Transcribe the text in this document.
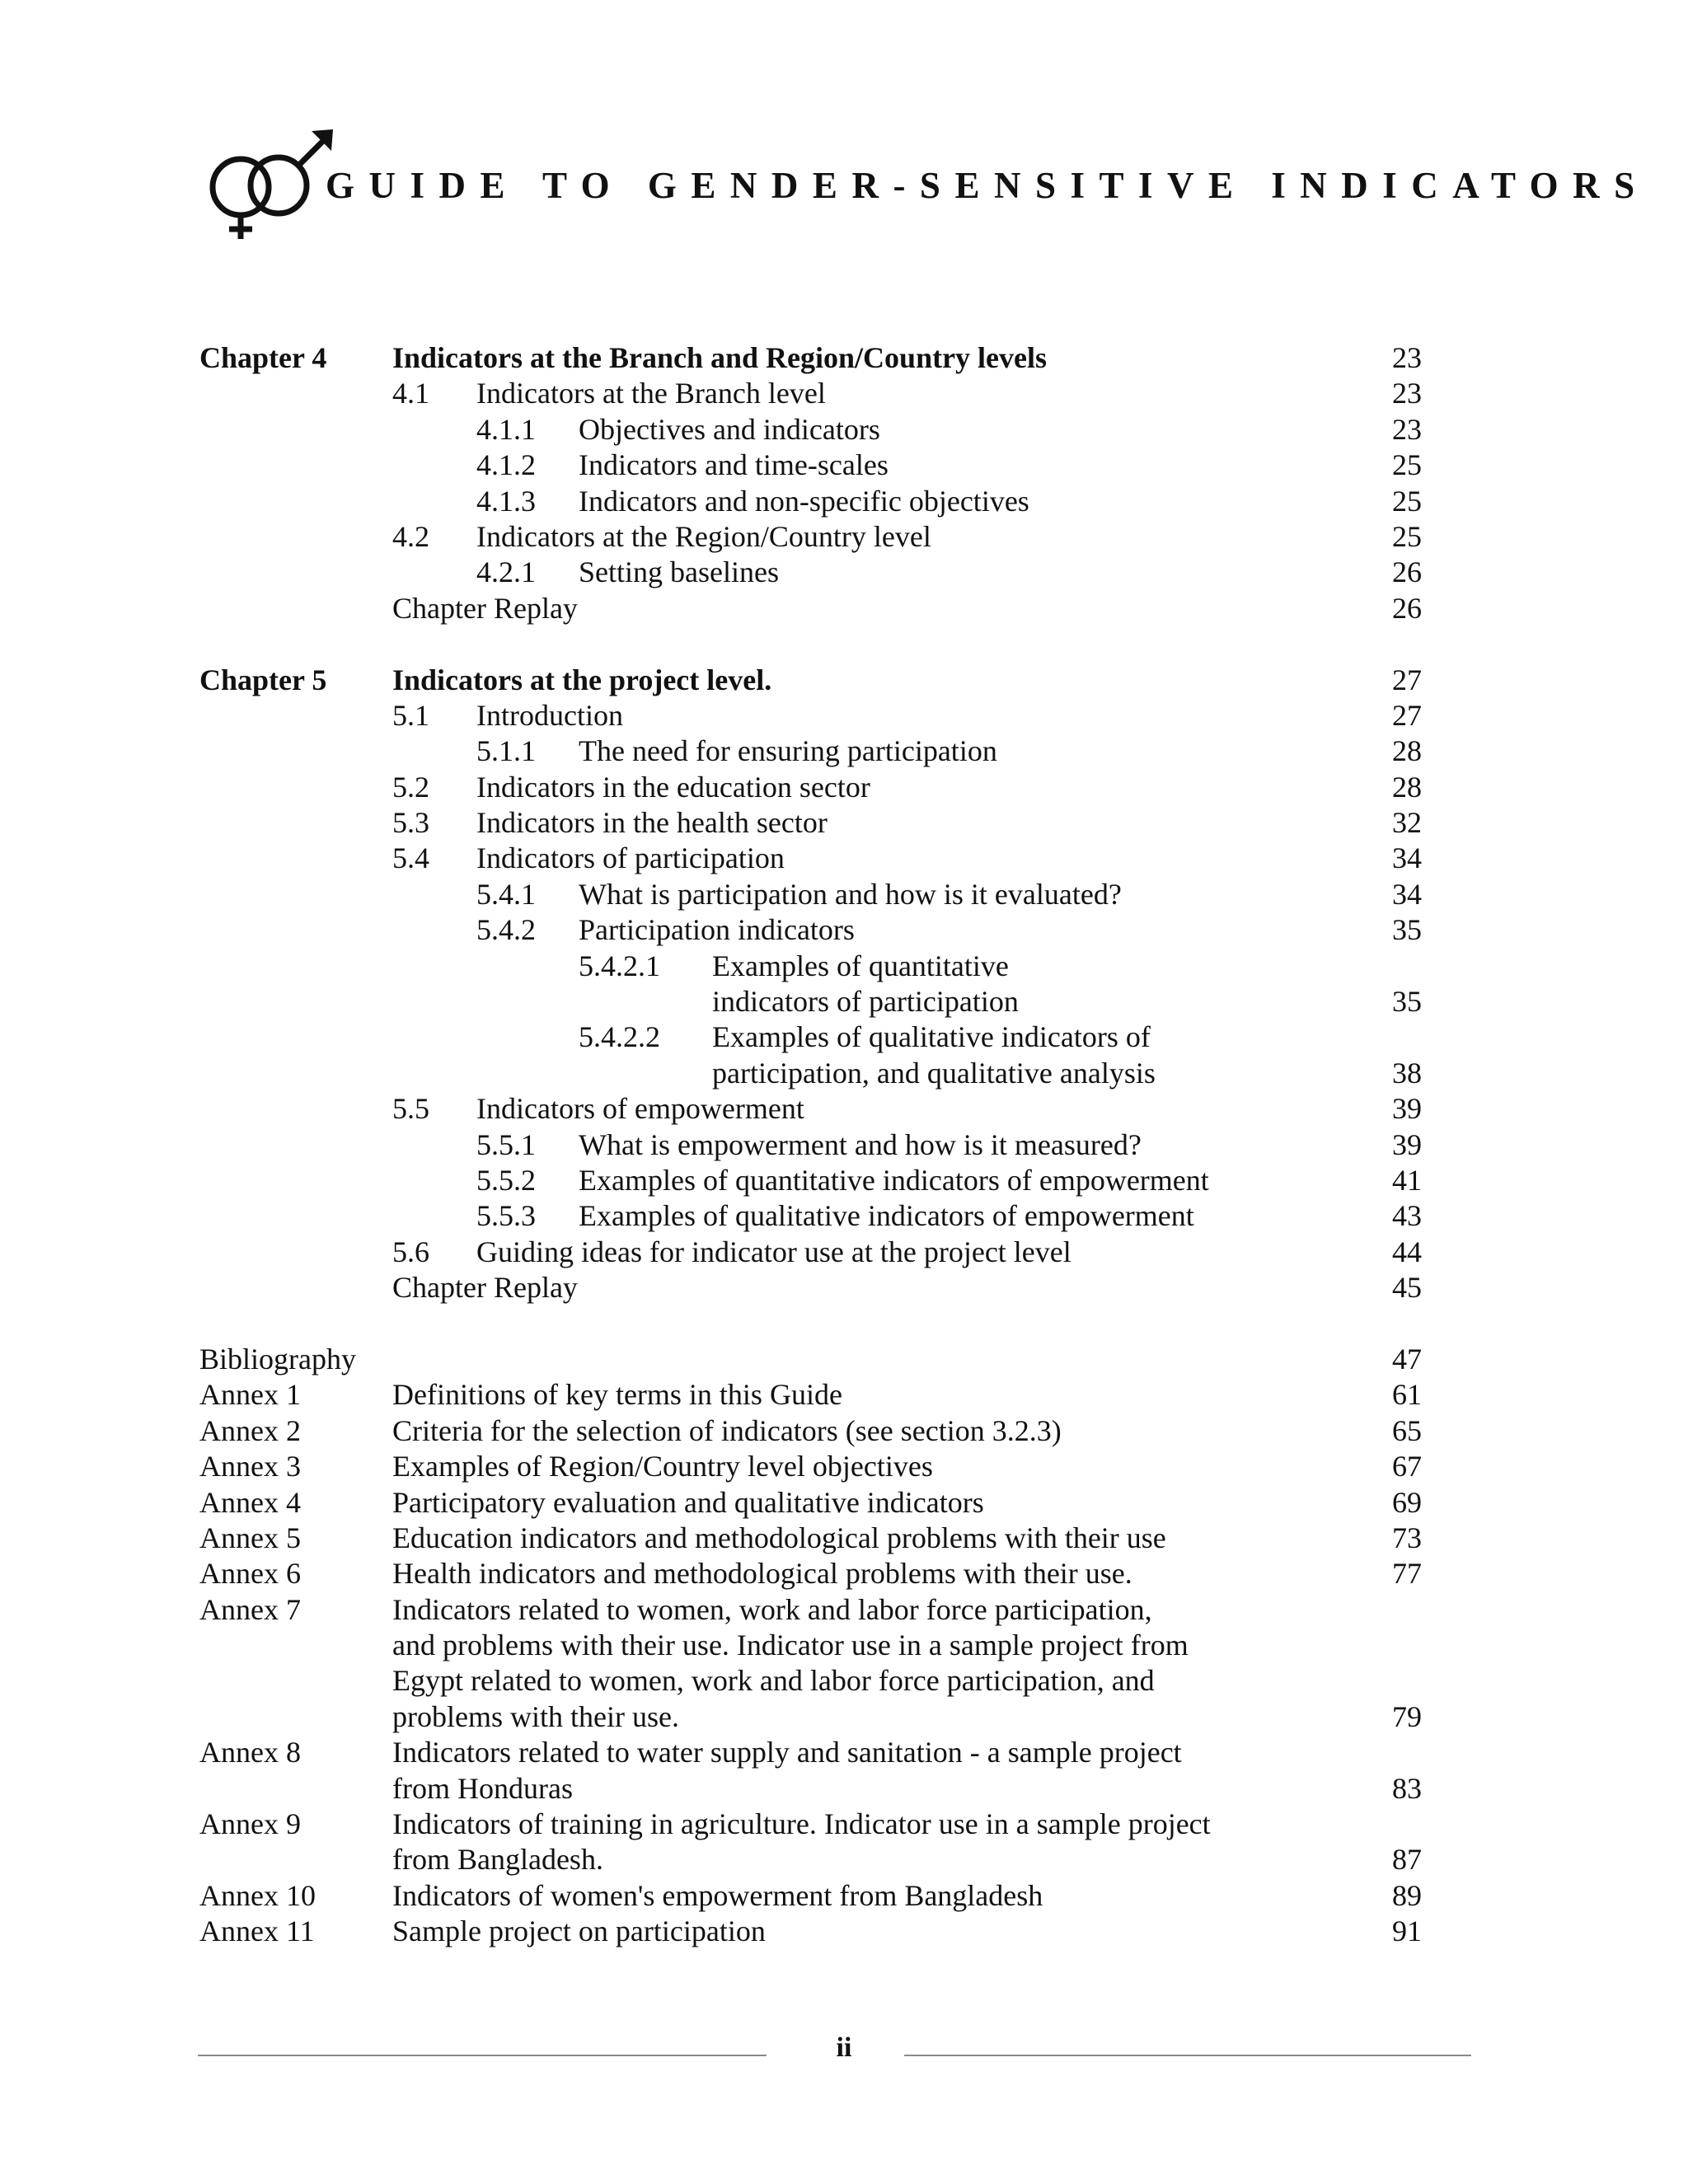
GUIDE TO GENDER-SENSITIVE INDICATORS
Chapter 4 Indicators at the Branch and Region/Country levels	23
4.1 Indicators at the Branch level	23
4.1.1 Objectives and indicators	23
4.1.2 Indicators and time-scales	25
4.1.3 Indicators and non-specific objectives	25
4.2 Indicators at the Region/Country level	25
4.2.1 Setting baselines	26
Chapter Replay	26
Chapter 5 Indicators at the project level.	27
5.1 Introduction	27
5.1.1 The need for ensuring participation	28
5.2 Indicators in the education sector	28
5.3 Indicators in the health sector	32
5.4 Indicators of participation	34
5.4.1 What is participation and how is it evaluated?	34
5.4.2 Participation indicators	35
5.4.2.1 Examples of quantitative
indicators of participation	35
5.4.2.2 Examples of qualitative indicators of
participation, and qualitative analysis	38
5.5 Indicators of empowerment	39
5.5.1 What is empowerment and how is it measured?	39
5.5.2 Examples of quantitative indicators of empowerment	41
5.5.3 Examples of qualitative indicators of empowerment	43
5.6 Guiding ideas for indicator use at the project level	44
Chapter Replay	45
Bibliography	47
Annex 1	Definitions of key terms in this Guide	61
Annex 2	Criteria for the selection of indicators (see section 3.2.3)	65
Annex 3	Examples of Region/Country level objectives	67
Annex 4	Participatory evaluation and qualitative indicators	69
Annex 5	Education indicators and methodological problems with their use	73
Annex 6	Health indicators and methodological problems with their use.	77
Annex 7	Indicators related to women, work and labor force participation,
and problems with their use. Indicator use in a sample project from
Egypt related to women, work and labor force participation, and
problems with their use.	79
Annex 8	Indicators related to water supply and sanitation - a sample project
from Honduras	83
Annex 9	Indicators of training in agriculture. Indicator use in a sample project
from Bangladesh.	87
Annex 10	Indicators of women's empowerment from Bangladesh	89
Annex 11	Sample project on participation	91
ii
